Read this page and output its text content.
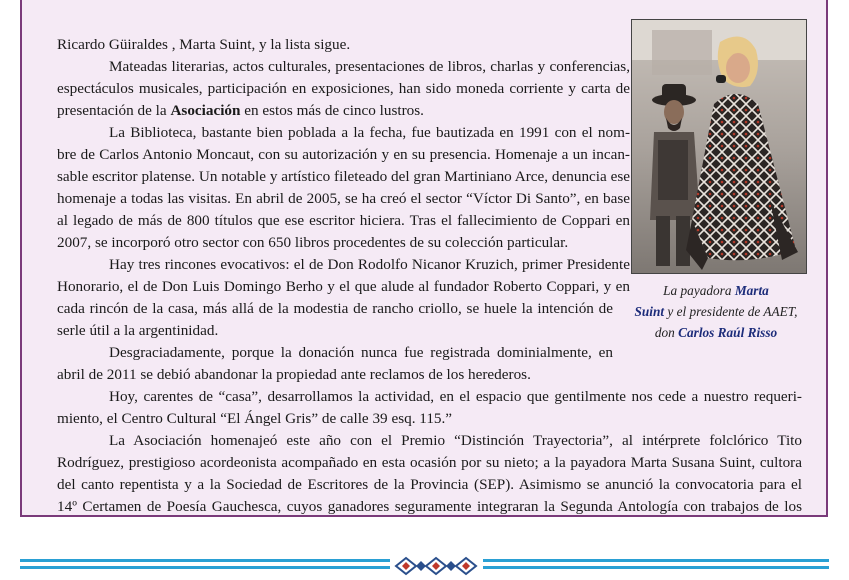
Ricardo Güiraldes , Marta Suint, y la lista sigue.

Mateadas literarias, actos culturales, presentaciones de libros, charlas y conferencias,

espectáculos musicales, participación en exposiciones, han sido moneda corriente y carta de

presentación de la Asociación en estos más de cinco lustros.

La Biblioteca, bastante bien poblada a la fecha, fue bautizada en 1991 con el nom-

bre de Carlos Antonio Moncaut, con su autorización y en su presencia. Homenaje a un incan-

sable escritor platense. Un notable y artístico fileteado del gran Martiniano Arce, denuncia ese

homenaje a todas las visitas. En abril de 2005, se ha creó el sector “Víctor Di Santo”, en base

al legado de más de 800 títulos que ese escritor hiciera. Tras el fallecimiento de Coppari en

2007, se incorporó otro sector con 650 libros procedentes de su colección particular.

Hay tres rincones evocativos: el de Don Rodolfo Nicanor Kruzich, primer Presidente

Honorario, el de Don Luis Domingo Berho y el que alude al fundador Roberto Coppari, y en

cada rincón de la casa, más allá de la modestia de rancho criollo, se huele la intención de

serle útil a la argentinidad.

Desgraciadamente, porque la donación nunca fue registrada dominialmente, en

abril de 2011 se debió abandonar la propiedad ante reclamos de los herederos.

Hoy, carentes de “casa”, desarrollamos la actividad, en el espacio que gentilmente nos cede a nuestro requeri-

miento, el Centro Cultural “El Ángel Gris” de calle 39 esq. 115.”

La Asociación homenajeó este año con el Premio “Distinción Trayectoria”, al intérprete folclórico Tito

Rodríguez, prestigioso acordeonista acompañado en esta ocasión por su nieto; a la payadora Marta Susana Suint, cultora

del canto repentista y a la Sociedad de Escritores de la Provincia (SEP). Asimismo se anunció la convocatoria para el

14º Certamen de Poesía Gauchesca, cuyos ganadores seguramente integraran la Segunda Antología con trabajos de los

La payadora Marta
Suint y el presidente de AAET,
don Carlos Raúl Risso
